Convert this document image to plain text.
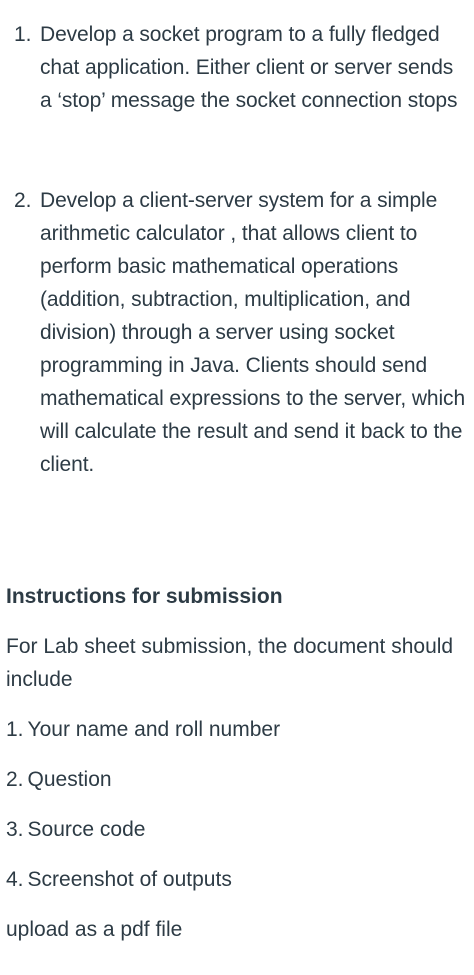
1. Develop a socket program to a fully fledged chat application. Either client or server sends a ‘stop’ message the socket connection stops
2. Develop a client-server system for a simple arithmetic calculator , that allows client to perform basic mathematical operations (addition, subtraction, multiplication, and division) through a server using socket programming in Java. Clients should send mathematical expressions to the server, which will calculate the result and send it back to the client.
Instructions for submission
For Lab sheet submission, the document should include
1. Your name and roll number
2. Question
3. Source code
4. Screenshot of outputs
upload as a pdf file
